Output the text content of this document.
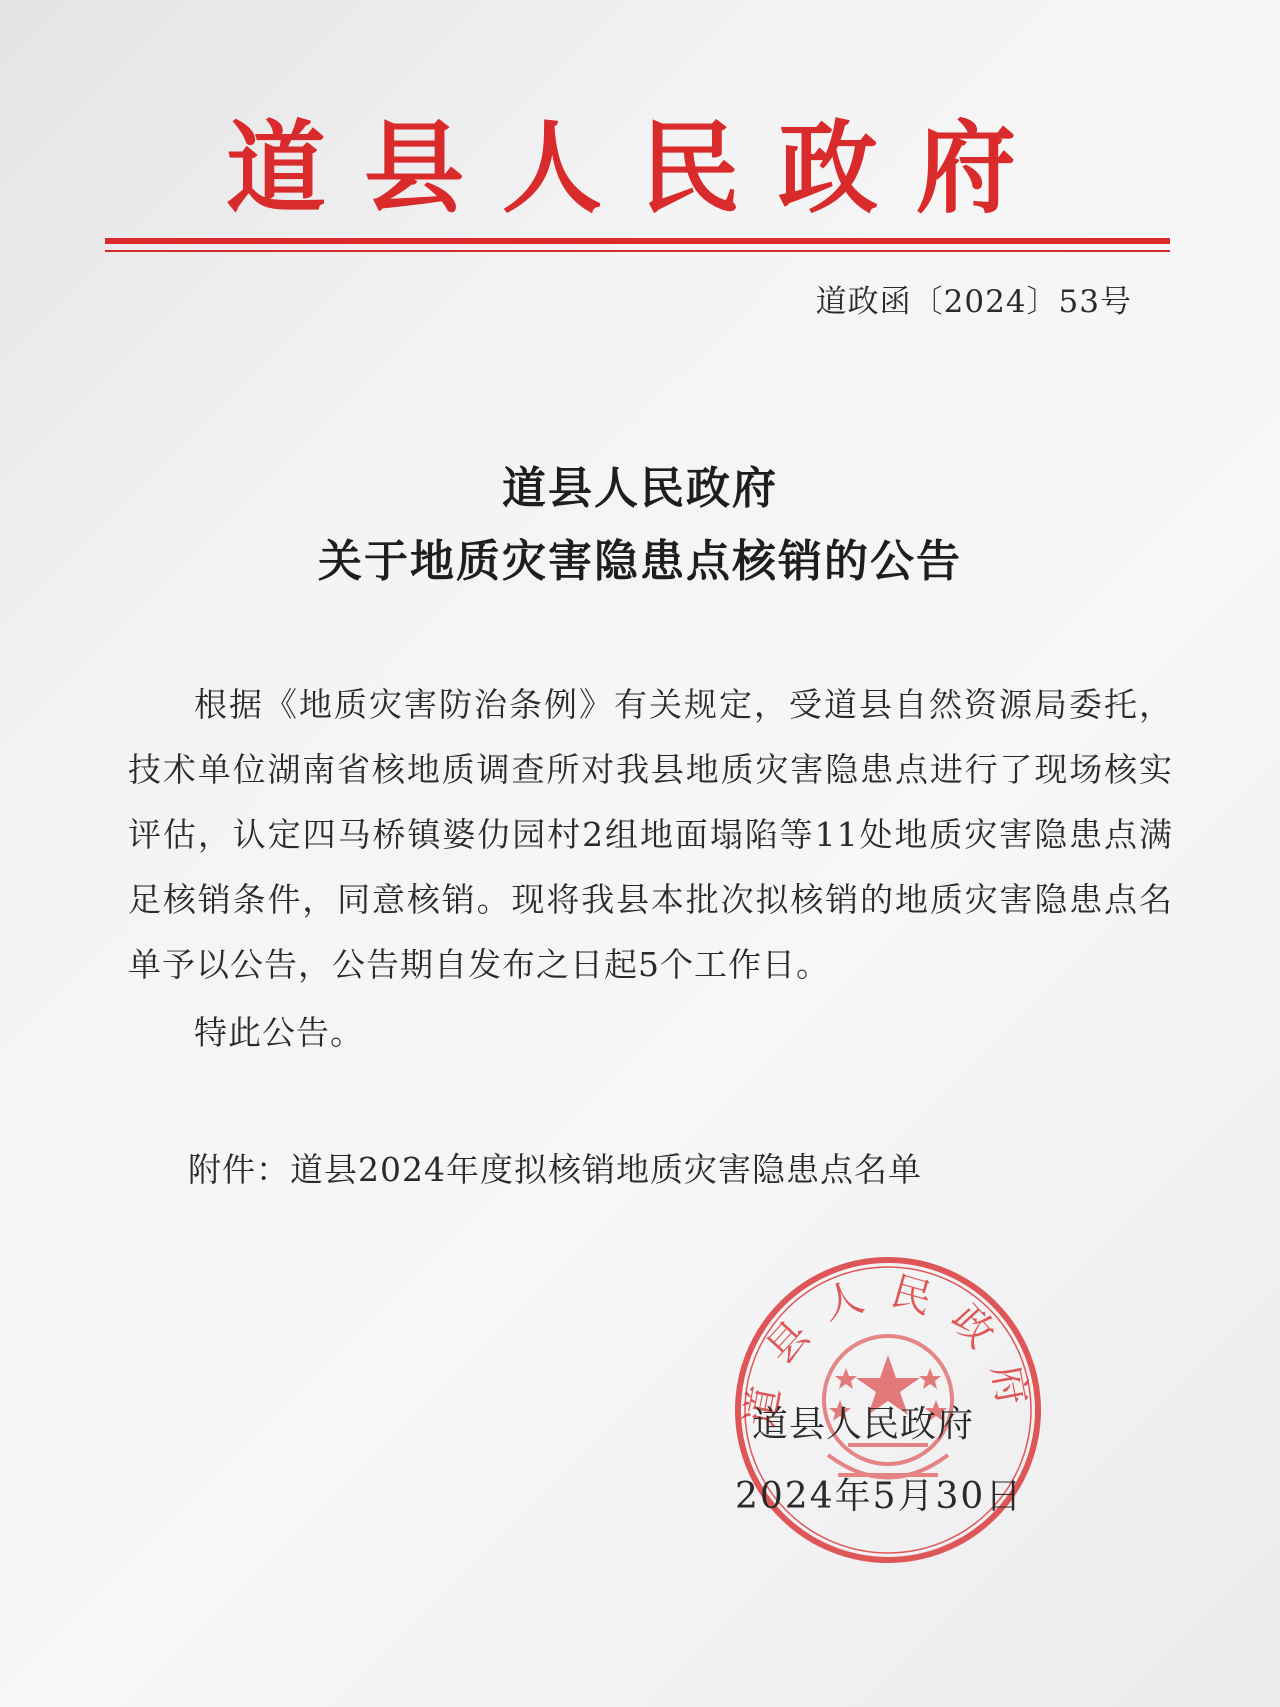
道县人民政府
道政函〔2024〕53号
道县人民政府
关于地质灾害隐患点核销的公告
根据《地质灾害防治条例》有关规定，受道县自然资源局委托，技术单位湖南省核地质调查所对我县地质灾害隐患点进行了现场核实评估，认定四马桥镇婆仂园村2组地面塌陷等11处地质灾害隐患点满足核销条件，同意核销。现将我县本批次拟核销的地质灾害隐患点名单予以公告，公告期自发布之日起5个工作日。
特此公告。
附件：道县2024年度拟核销地质灾害隐患点名单
道县人民政府
道县人民政府
2024年5月30日
